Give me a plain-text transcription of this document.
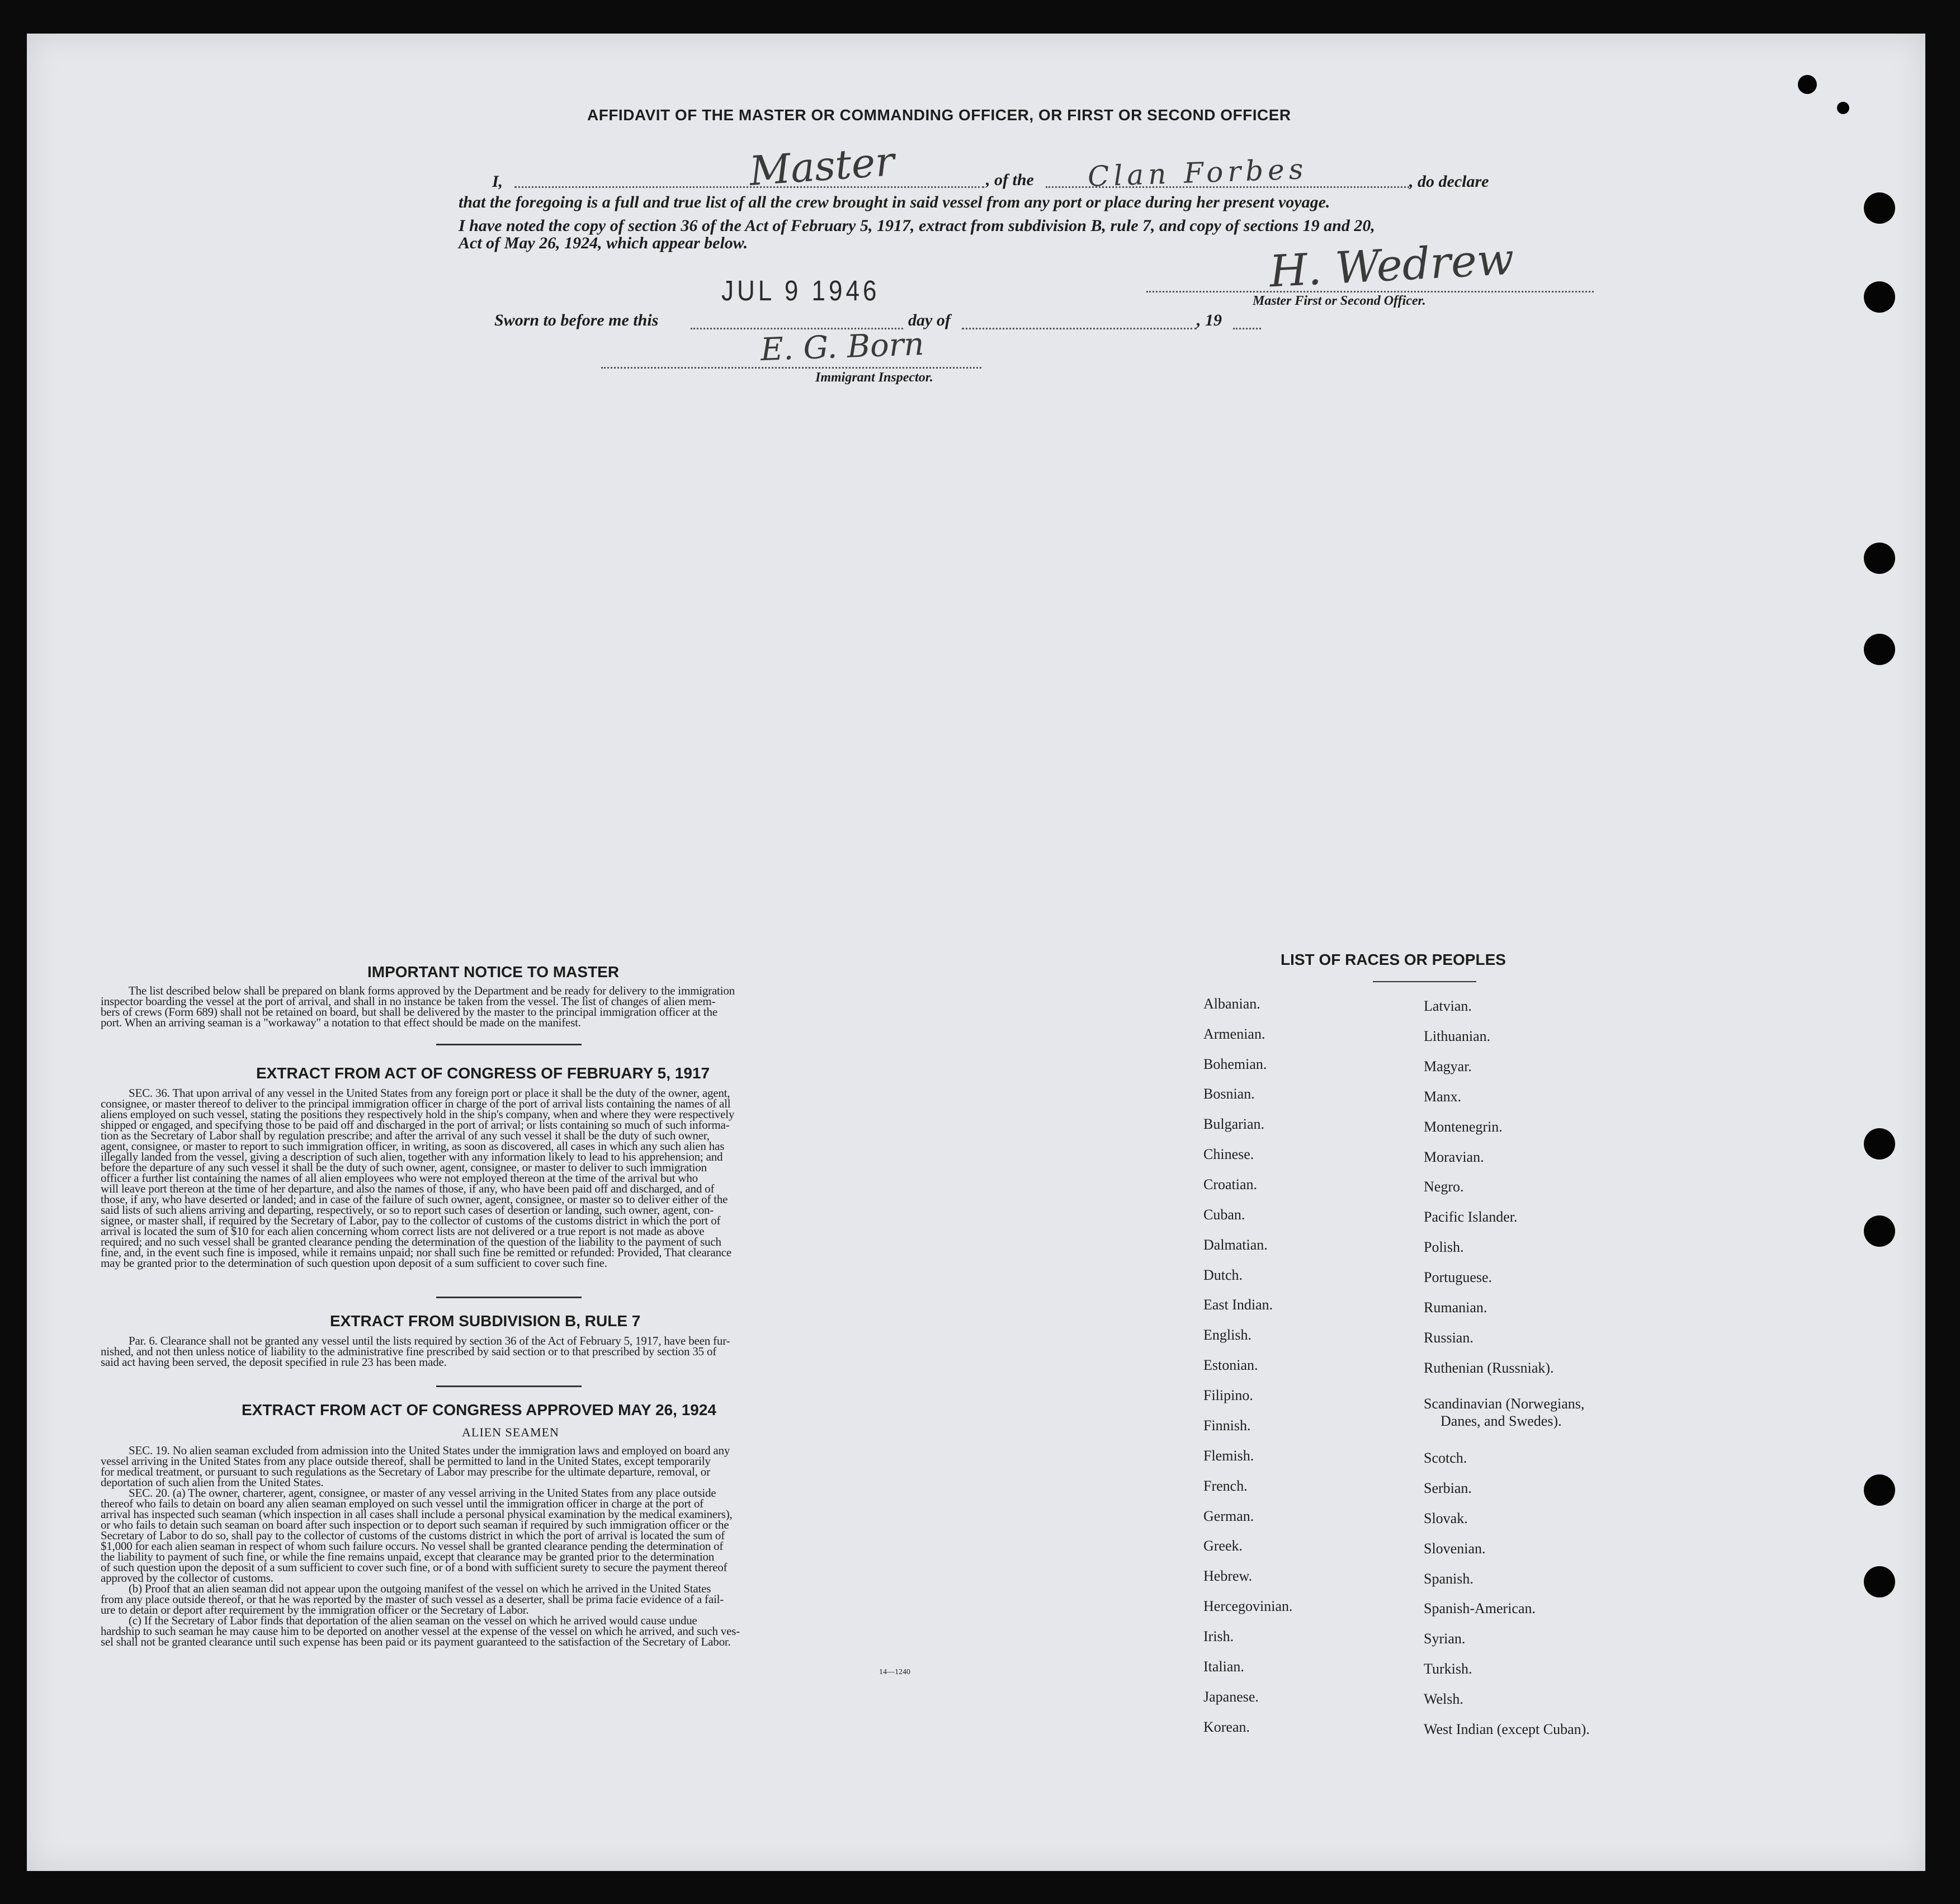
AFFIDAVIT OF THE MASTER OR COMMANDING OFFICER, OR FIRST OR SECOND OFFICER
I,	Master	, of the Clan Forbes	, do declare
that the foregoing is a full and true list of all the crew brought in said vessel from any port or place during her present voyage.
I have noted the copy of section 36 of the Act of February 5, 1917, extract from subdivision B, rule 7, and copy of sections 19 and 20,
Act of May 26, 1924, which appear below.	H. Wedrew
Master First or Second Officer.
JUL 9 1946
Sworn to before me this	day of	, 19
E. G. Born
Immigrant Inspector.
IMPORTANT NOTICE TO MASTER
The list described below shall be prepared on blank forms approved by the Department and be ready for delivery to the immigration
inspector boarding the vessel at the port of arrival, and shall in no instance be taken from the vessel. The list of changes of alien mem-
bers of crews (Form 689) shall not be retained on board, but shall be delivered by the master to the principal immigration officer at the
port. When an arriving seaman is a "workaway" a notation to that effect should be made on the manifest.
EXTRACT FROM ACT OF CONGRESS OF FEBRUARY 5, 1917
SEC. 36. That upon arrival of any vessel in the United States from any foreign port or place it shall be the duty of the owner, agent,
consignee, or master thereof to deliver to the principal immigration officer in charge of the port of arrival lists containing the names of all
aliens employed on such vessel, stating the positions they respectively hold in the ship's company, when and where they were respectively
shipped or engaged, and specifying those to be paid off and discharged in the port of arrival; or lists containing so much of such informa-
tion as the Secretary of Labor shall by regulation prescribe; and after the arrival of any such vessel it shall be the duty of such owner,
agent, consignee, or master to report to such immigration officer, in writing, as soon as discovered, all cases in which any such alien has
illegally landed from the vessel, giving a description of such alien, together with any information likely to lead to his apprehension; and
before the departure of any such vessel it shall be the duty of such owner, agent, consignee, or master to deliver to such immigration
officer a further list containing the names of all alien employees who were not employed thereon at the time of the arrival but who
will leave port thereon at the time of her departure, and also the names of those, if any, who have been paid off and discharged, and of
those, if any, who have deserted or landed; and in case of the failure of such owner, agent, consignee, or master so to deliver either of the
said lists of such aliens arriving and departing, respectively, or so to report such cases of desertion or landing, such owner, agent, con-
signee, or master shall, if required by the Secretary of Labor, pay to the collector of customs of the customs district in which the port of
arrival is located the sum of $10 for each alien concerning whom correct lists are not delivered or a true report is not made as above
required; and no such vessel shall be granted clearance pending the determination of the question of the liability to the payment of such
fine, and, in the event such fine is imposed, while it remains unpaid; nor shall such fine be remitted or refunded: Provided, That clearance
may be granted prior to the determination of such question upon deposit of a sum sufficient to cover such fine.
EXTRACT FROM SUBDIVISION B, RULE 7
Par. 6. Clearance shall not be granted any vessel until the lists required by section 36 of the Act of February 5, 1917, have been fur-
nished, and not then unless notice of liability to the administrative fine prescribed by said section or to that prescribed by section 35 of
said act having been served, the deposit specified in rule 23 has been made.
EXTRACT FROM ACT OF CONGRESS APPROVED MAY 26, 1924
ALIEN SEAMEN
SEC. 19. No alien seaman excluded from admission into the United States under the immigration laws and employed on board any
vessel arriving in the United States from any place outside thereof, shall be permitted to land in the United States, except temporarily
for medical treatment, or pursuant to such regulations as the Secretary of Labor may prescribe for the ultimate departure, removal, or
deportation of such alien from the United States.
SEC. 20. (a) The owner, charterer, agent, consignee, or master of any vessel arriving in the United States from any place outside
thereof who fails to detain on board any alien seaman employed on such vessel until the immigration officer in charge at the port of
arrival has inspected such seaman (which inspection in all cases shall include a personal physical examination by the medical examiners),
or who fails to detain such seaman on board after such inspection or to deport such seaman if required by such immigration officer or the
Secretary of Labor to do so, shall pay to the collector of customs of the customs district in which the port of arrival is located the sum of
$1,000 for each alien seaman in respect of whom such failure occurs. No vessel shall be granted clearance pending the determination of
the liability to payment of such fine, or while the fine remains unpaid, except that clearance may be granted prior to the determination
of such question upon the deposit of a sum sufficient to cover such fine, or of a bond with sufficient surety to secure the payment thereof
approved by the collector of customs.
(b) Proof that an alien seaman did not appear upon the outgoing manifest of the vessel on which he arrived in the United States
from any place outside thereof, or that he was reported by the master of such vessel as a deserter, shall be prima facie evidence of a fail-
ure to detain or deport after requirement by the immigration officer or the Secretary of Labor.
(c) If the Secretary of Labor finds that deportation of the alien seaman on the vessel on which he arrived would cause undue
hardship to such seaman he may cause him to be deported on another vessel at the expense of the vessel on which he arrived, and such ves-
sel shall not be granted clearance until such expense has been paid or its payment guaranteed to the satisfaction of the Secretary of Labor.
14—1240
LIST OF RACES OR PEOPLES
Albanian.
Armenian.
Bohemian.
Bosnian.
Bulgarian.
Chinese.
Croatian.
Cuban.
Dalmatian.
Dutch.
East Indian.
English.
Estonian.
Filipino.
Finnish.
Flemish.
French.
German.
Greek.
Hebrew.
Hercegovinian.
Irish.
Italian.
Japanese.
Korean.
Latvian.
Lithuanian.
Magyar.
Manx.
Montenegrin.
Moravian.
Negro.
Pacific Islander.
Polish.
Portuguese.
Rumanian.
Russian.
Ruthenian (Russniak).
Scandinavian (Norwegians,
Danes, and Swedes).
Scotch.
Serbian.
Slovak.
Slovenian.
Spanish.
Spanish-American.
Syrian.
Turkish.
Welsh.
West Indian (except Cuban).
